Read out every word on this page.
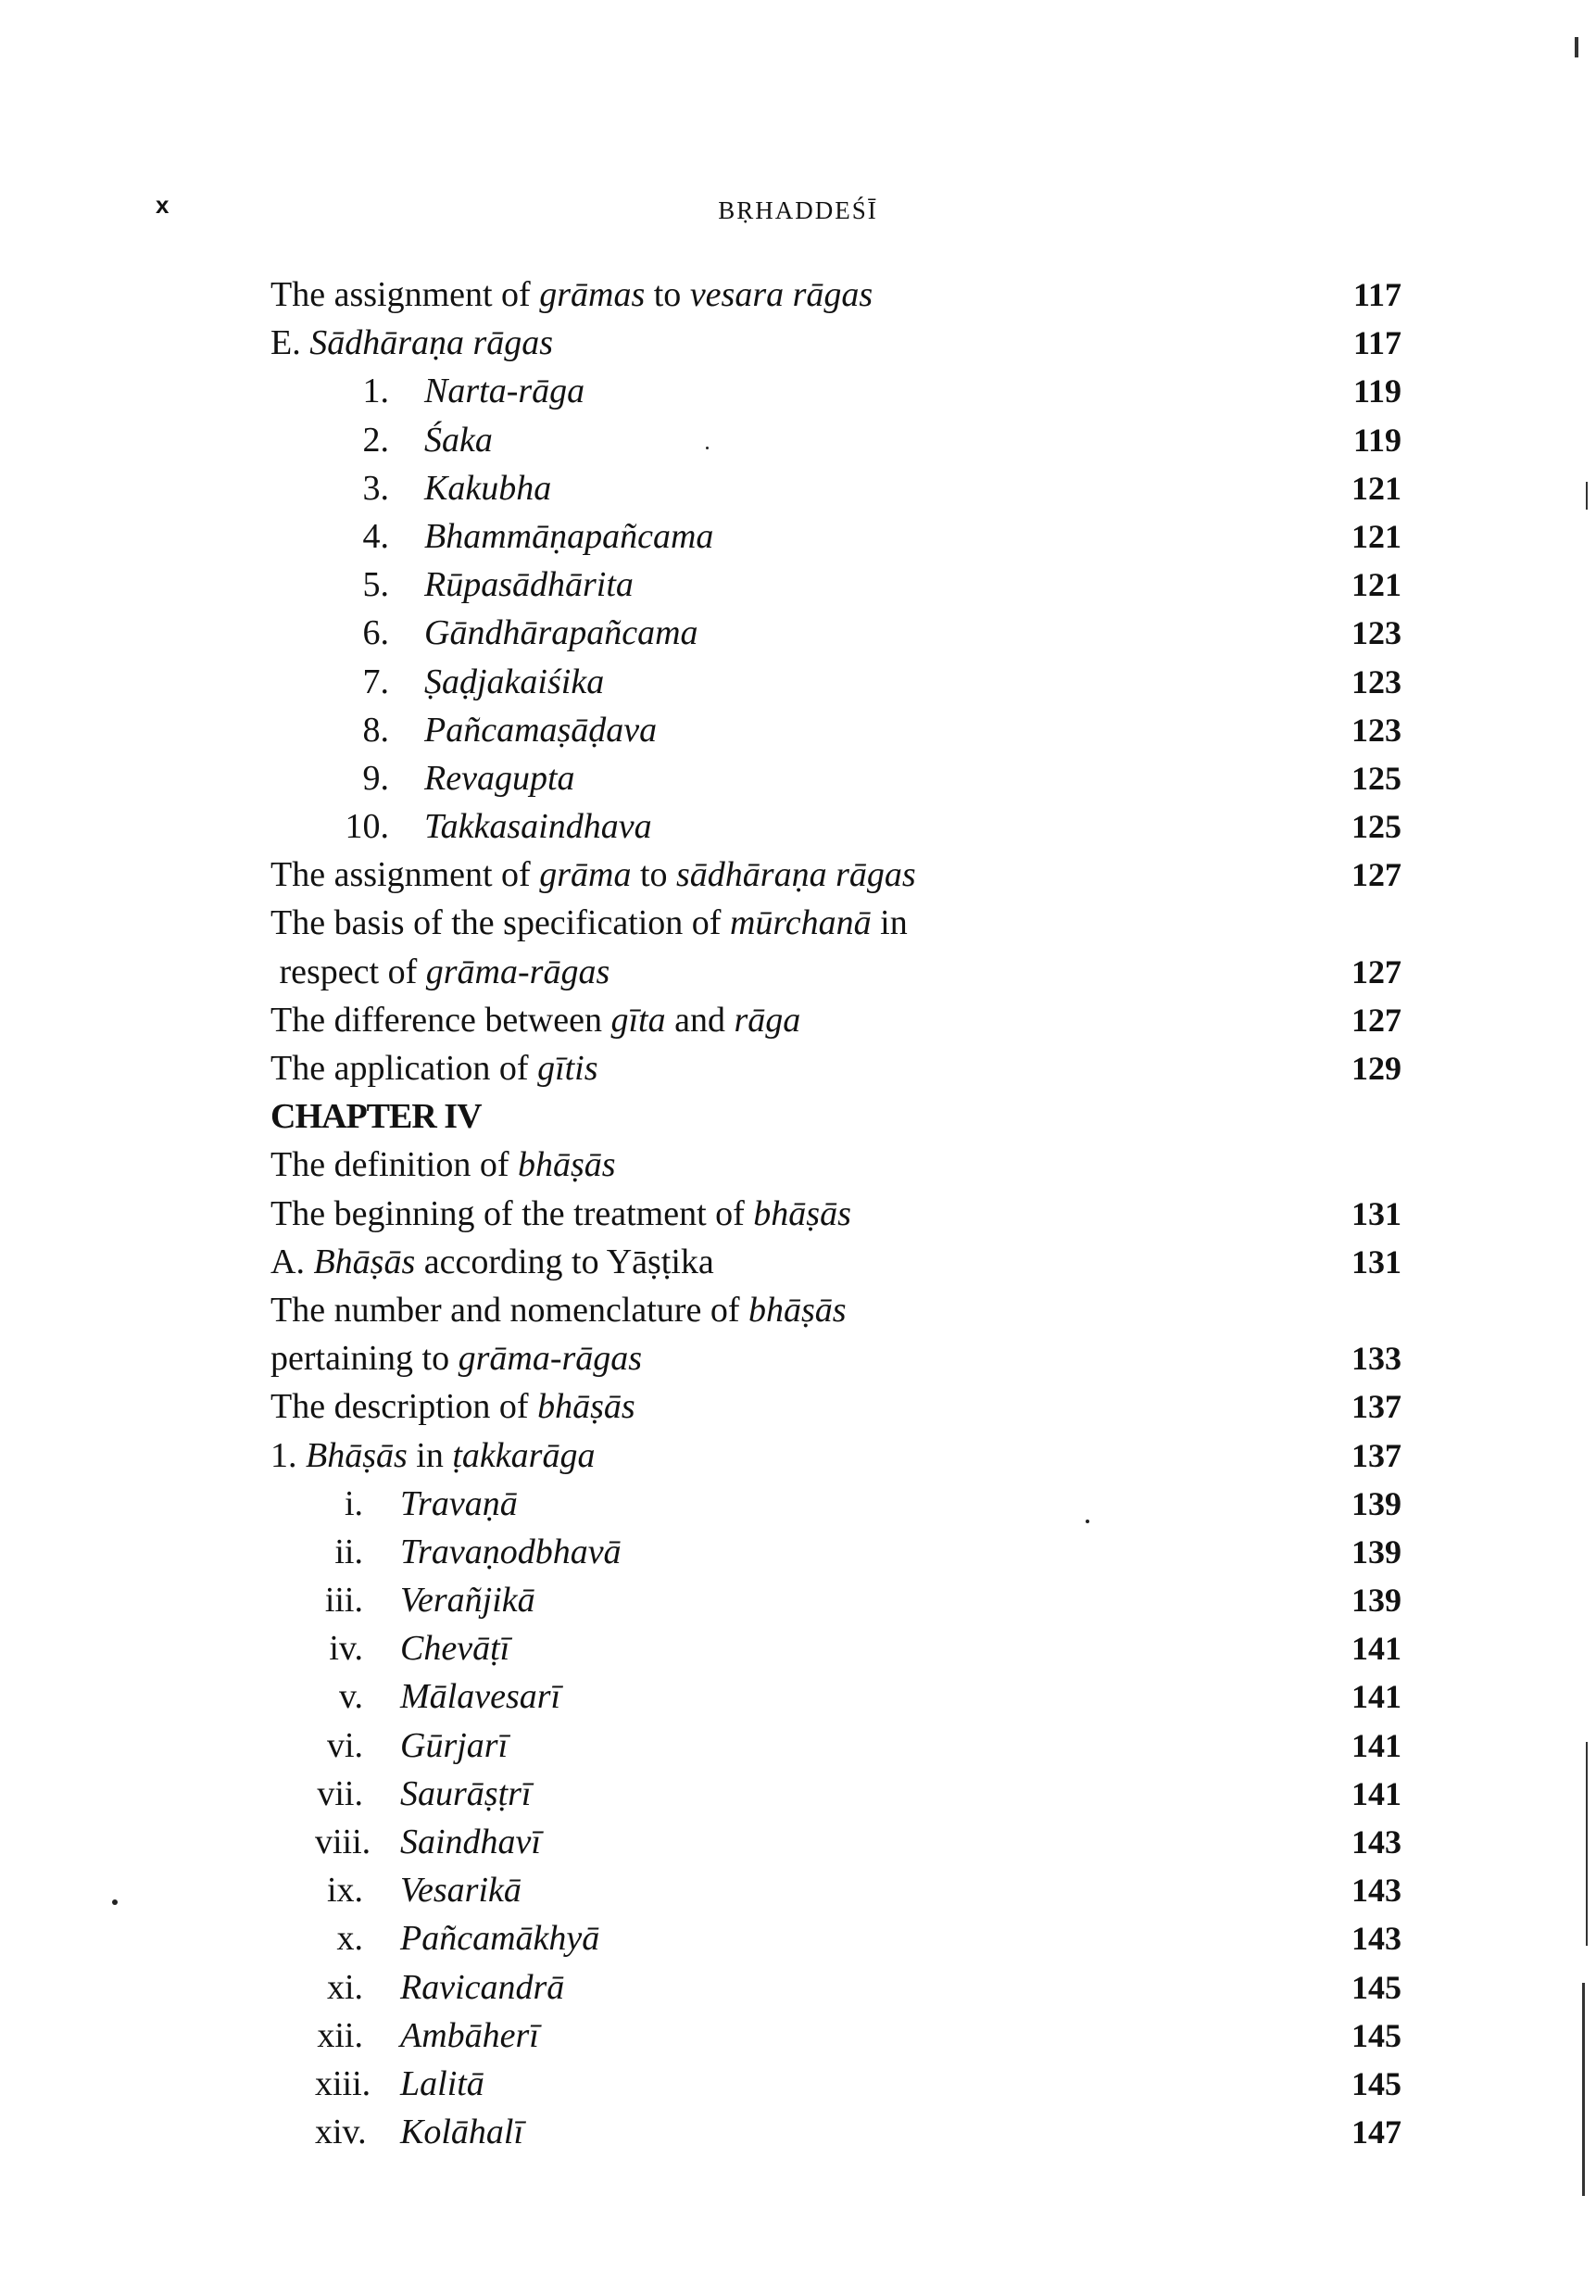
x	BṚHADDEŚĪ
The assignment of grāmas to vesara rāgas	117
E. Sādhāraṇa rāgas	117
1. Narta-rāga	119
2. Śaka	119
3. Kakubha	121
4. Bhammāṇapañcama	121
5. Rūpasādhārita	121
6. Gāndhārapañcama	123
7. Ṣaḍjakaiśika	123
8. Pañcamaṣāḍava	123
9. Revagupta	125
10. Takkasaindhava	125
The assignment of grāma to sādhāraṇa rāgas	127
The basis of the specification of mūrchanā in
respect of grāma-rāgas	127
The difference between gīta and rāga	127
The application of gītis	129
CHAPTER IV
The definition of bhāṣās
The beginning of the treatment of bhāṣās	131
A. Bhāṣās according to Yāṣṭika	131
The number and nomenclature of bhāṣās
pertaining to grāma-rāgas	133
The description of bhāṣās	137
1. Bhāṣās in ṭakkarāga	137
i. Travaṇā	139
ii. Travaṇodbhavā	139
iii. Verañjikā	139
iv. Chevāṭī	141
v. Mālavesarī	141
vi. Gūrjarī	141
vii. Saurāṣṭrī	141
viii. Saindhavī	143
ix. Vesarikā	143
x. Pañcamākhyā	143
xi. Ravicandrā	145
xii. Ambāherī	145
xiii. Lalitā	145
xiv. Kolāhalī	147
